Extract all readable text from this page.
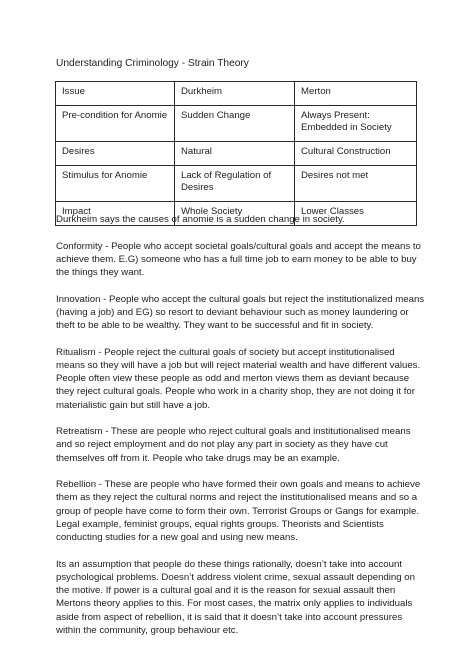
Understanding Criminology - Strain Theory
Issue	Durkheim	Merton
Pre-condition for Anomie	Sudden Change	Always Present: Embedded in Society
Desires	Natural	Cultural Construction
Stimulus for Anomie	Lack of Regulation of Desires	Desires not met
Impact	Whole Society	Lower Classes

Durkheim says the causes of anomie is a sudden change in society.

Conformity - People who accept societal goals/cultural goals and accept the means to achieve them. E.G) someone who has a full time job to earn money to be able to buy the things they want.

Innovation - People who accept the cultural goals but reject the institutionalized means (having a job) and EG) so resort to deviant behaviour such as money laundering or theft to be able to be wealthy. They want to be successful and fit in society.

Ritualism - People reject the cultural goals of society but accept institutionalised means so they will have a job but will reject material wealth and have different values. People often view these people as odd and merton views them as deviant because they reject cultural goals. People who work in a charity shop, they are not doing it for materialistic gain but still have a job.

Retreatism - These are people who reject cultural goals and institutionalised means and so reject employment and do not play any part in society as they have cut themselves off from it. People who take drugs may be an example.

Rebellion - These are people who have formed their own goals and means to achieve them as they reject the cultural norms and reject the institutionalised means and so a group of people have come to form their own. Terrorist Groups or Gangs for example. Legal example, feminist groups, equal rights groups. Theorists and Scientists conducting studies for a new goal and using new means.

Its an assumption that people do these things rationally, doesn’t take into account psychological problems. Doesn’t address violent crime, sexual assault depending on the motive. If power is a cultural goal and it is the reason for sexual assault then Mertons theory applies to this. For most cases, the matrix only applies to individuals aside from aspect of rebellion, it is said that it doesn’t take into account pressures within the community, group behaviour etc.
